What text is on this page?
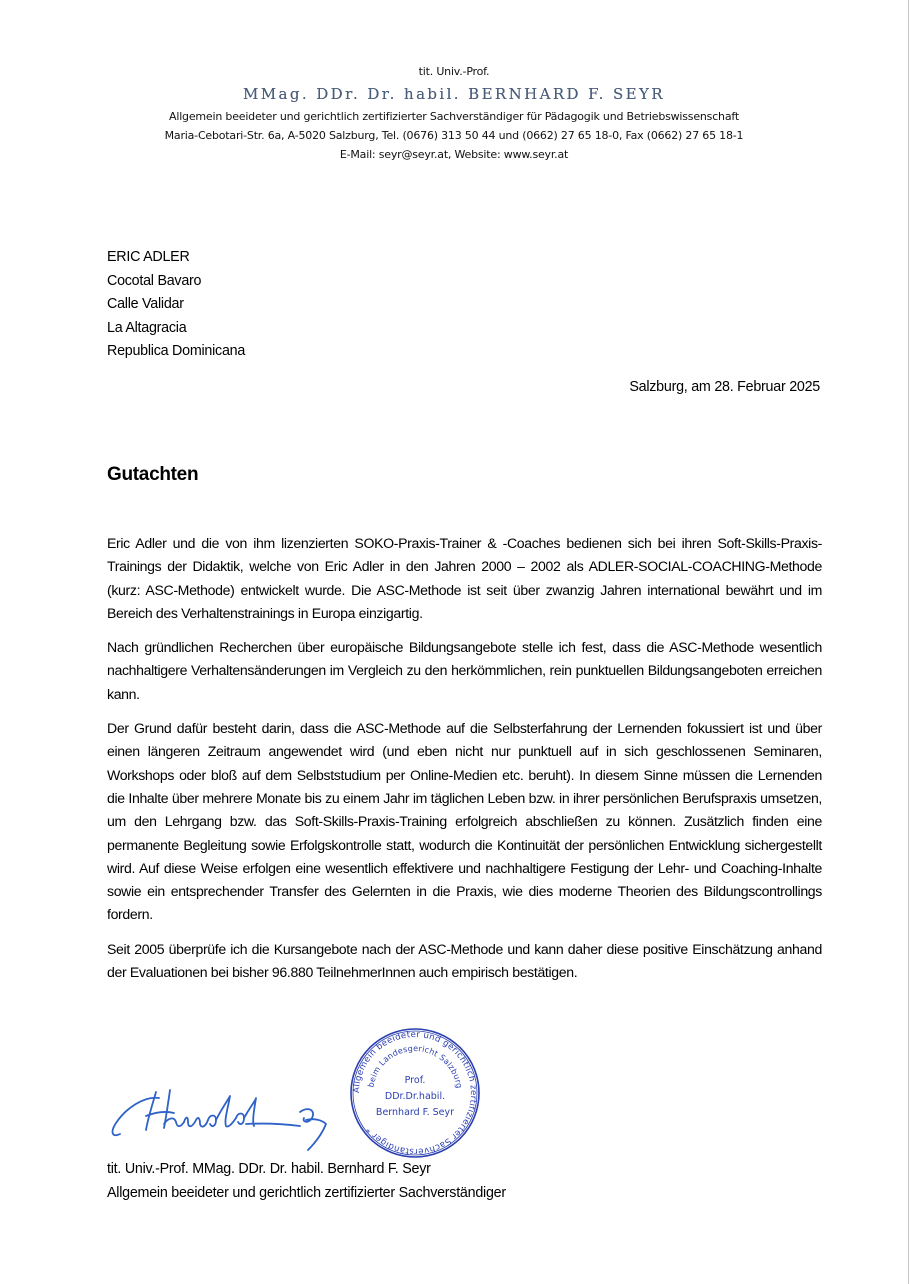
tit. Univ.-Prof.
MMag. DDr. Dr. habil. BERNHARD F. SEYR
Allgemein beeideter und gerichtlich zertifizierter Sachverständiger für Pädagogik und Betriebswissenschaft
Maria-Cebotari-Str. 6a, A-5020 Salzburg, Tel. (0676) 313 50 44 und (0662) 27 65 18-0, Fax (0662) 27 65 18-1
E-Mail: seyr@seyr.at, Website: www.seyr.at
ERIC ADLER
Cocotal Bavaro
Calle Validar
La Altagracia
Republica Dominicana
Salzburg, am 28. Februar 2025
Gutachten

Eric Adler und die von ihm lizenzierten SOKO-Praxis-Trainer & -Coaches bedienen sich bei ihren Soft-Skills-Praxis-Trainings der Didaktik, welche von Eric Adler in den Jahren 2000 – 2002 als ADLER-SOCIAL-COACHING-Methode (kurz: ASC-Methode) entwickelt wurde. Die ASC-Methode ist seit über zwanzig Jahren international bewährt und im Bereich des Verhaltenstrainings in Europa einzigartig.

Nach gründlichen Recherchen über europäische Bildungsangebote stelle ich fest, dass die ASC-Methode wesentlich nachhaltigere Verhaltensänderungen im Vergleich zu den herkömmlichen, rein punktuellen Bildungsangeboten erreichen kann.

Der Grund dafür besteht darin, dass die ASC-Methode auf die Selbsterfahrung der Lernenden fokussiert ist und über einen längeren Zeitraum angewendet wird (und eben nicht nur punktuell auf in sich geschlossenen Seminaren, Workshops oder bloß auf dem Selbststudium per Online-Medien etc. beruht). In diesem Sinne müssen die Lernenden die Inhalte über mehrere Monate bis zu einem Jahr im täglichen Leben bzw. in ihrer persönlichen Berufspraxis umsetzen, um den Lehrgang bzw. das Soft-Skills-Praxis-Training erfolgreich abschließen zu können. Zusätzlich finden eine permanente Begleitung sowie Erfolgskontrolle statt, wodurch die Kontinuität der persönlichen Entwicklung sichergestellt wird. Auf diese Weise erfolgen eine wesentlich effektivere und nachhaltigere Festigung der Lehr- und Coaching-Inhalte sowie ein entsprechender Transfer des Gelernten in die Praxis, wie dies moderne Theorien des Bildungscontrollings fordern.

Seit 2005 überprüfe ich die Kursangebote nach der ASC-Methode und kann daher diese positive Einschätzung anhand der Evaluationen bei bisher 96.880 TeilnehmerInnen auch empirisch bestätigen.

Allgemein beeideter und gerichtlich zertifizierter Sachverständiger *
beim Landesgericht Salzburg
Prof.
DDr.Dr.habil.
Bernhard F. Seyr
tit. Univ.-Prof. MMag. DDr. Dr. habil. Bernhard F. Seyr
Allgemein beeideter und gerichtlich zertifizierter Sachverständiger
